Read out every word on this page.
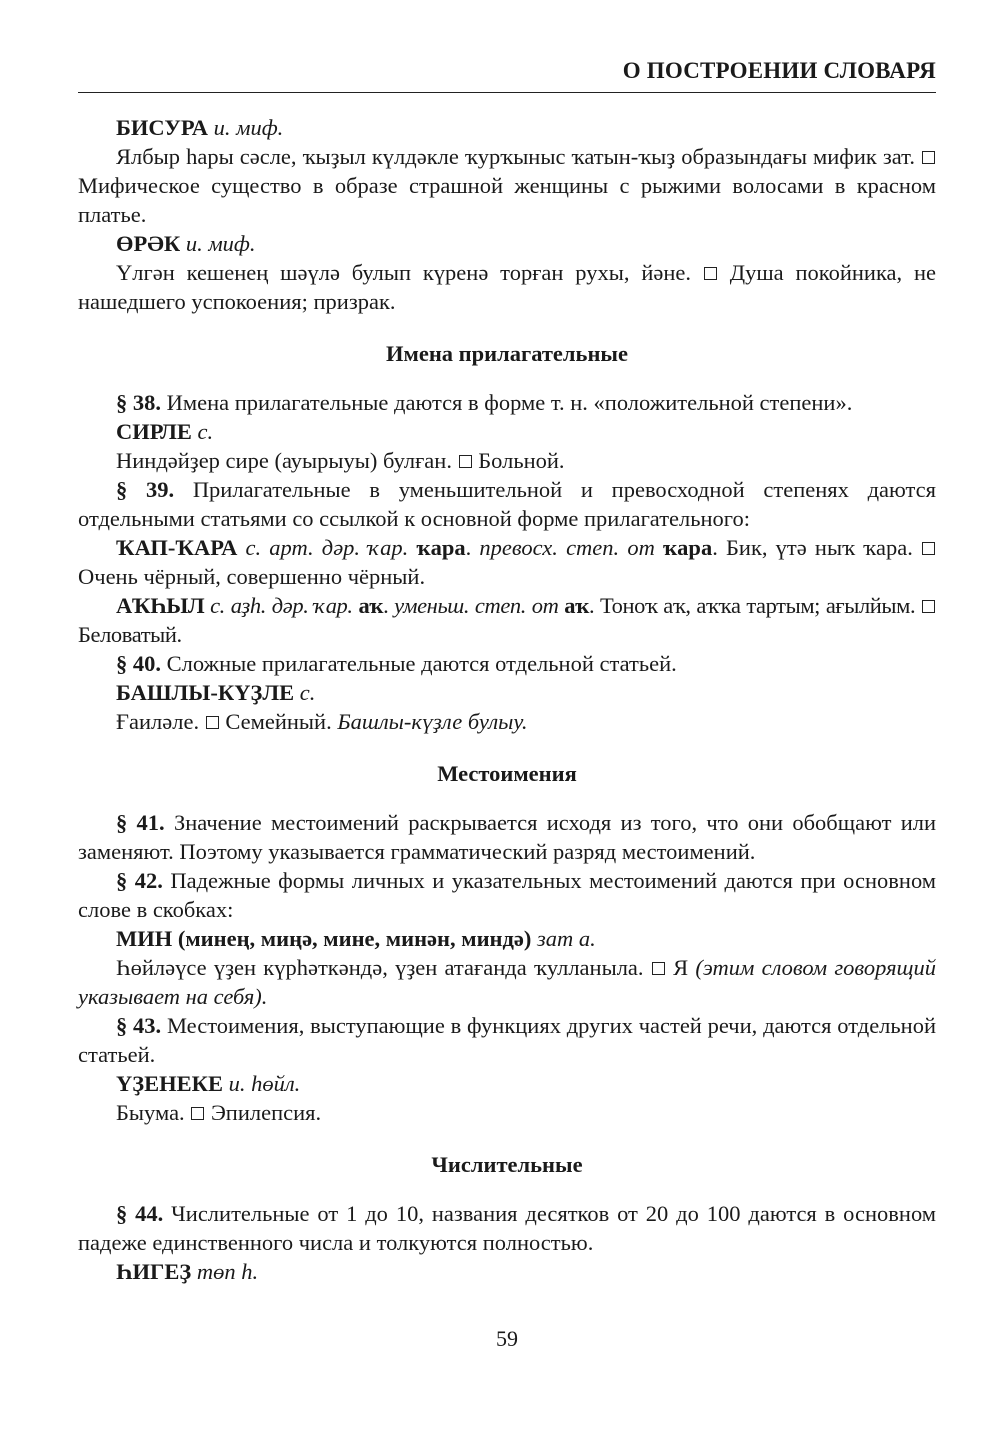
О ПОСТРОЕНИИ СЛОВАРЯ

БИСУРА и. миф.

Ялбыр һары сәсле, ҡыҙыл күлдәкле ҡурҡыныс ҡатын-ҡыҙ образындағы мифик зат.  Мифическое существо в образе страшной женщины с рыжими волосами в красном платье.

ӨРӘК и. миф.

Үлгән кешенең шәүлә булып күренә торған рухы, йәне. Душа покойника, не нашедшего успокоения; призрак.

Имена прилагательные

§ 38. Имена прилагательные даются в форме т. н. «положительной степени».

СИРЛЕ с.

Ниндәйҙер сире (ауырыуы) булған. Больной.

§ 39. Прилагательные в уменьшительной и превосходной степенях даются отдельными статьями со ссылкой к основной форме прилагательного:

ҠАП-ҠАРА с. арт. дәр. ҡар. ҡара. превосх. степ. от ҡара. Бик, үтә ныҡ ҡара.  Очень чёрный, совершенно чёрный.

АҠҺЫЛ с. аҙһ. дәр. ҡар. аҡ. уменьш. степ. от аҡ. Тоноҡ аҡ, аҡҡа тартым; ағылйым.  Беловатый.

§ 40. Сложные прилагательные даются отдельной статьей.

БАШЛЫ-КҮҘЛЕ с.

Ғаиләле. Семейный. Башлы-күҙле булыу.

Местоимения

§ 41. Значение местоимений раскрывается исходя из того, что они обобщают или заменяют. Поэтому указывается грамматический разряд местоимений.

§ 42. Падежные формы личных и указательных местоимений даются при основном слове в скобках:

МИН (минең, миңә, мине, минән, миндә) зат а.

Һөйләүсе үҙен күрһәткәндә, үҙен атағанда ҡулланыла. Я (этим словом говорящий указывает на себя).

§ 43. Местоимения, выступающие в функциях других частей речи, даются отдельной статьей.

ҮҘЕНЕКЕ и. һөйл.

Быума. Эпилепсия.

Числительные

§ 44. Числительные от 1 до 10, названия десятков от 20 до 100 даются в основном падеже единственного числа и толкуются полностью.

ҺИГЕҘ төп һ.

59
